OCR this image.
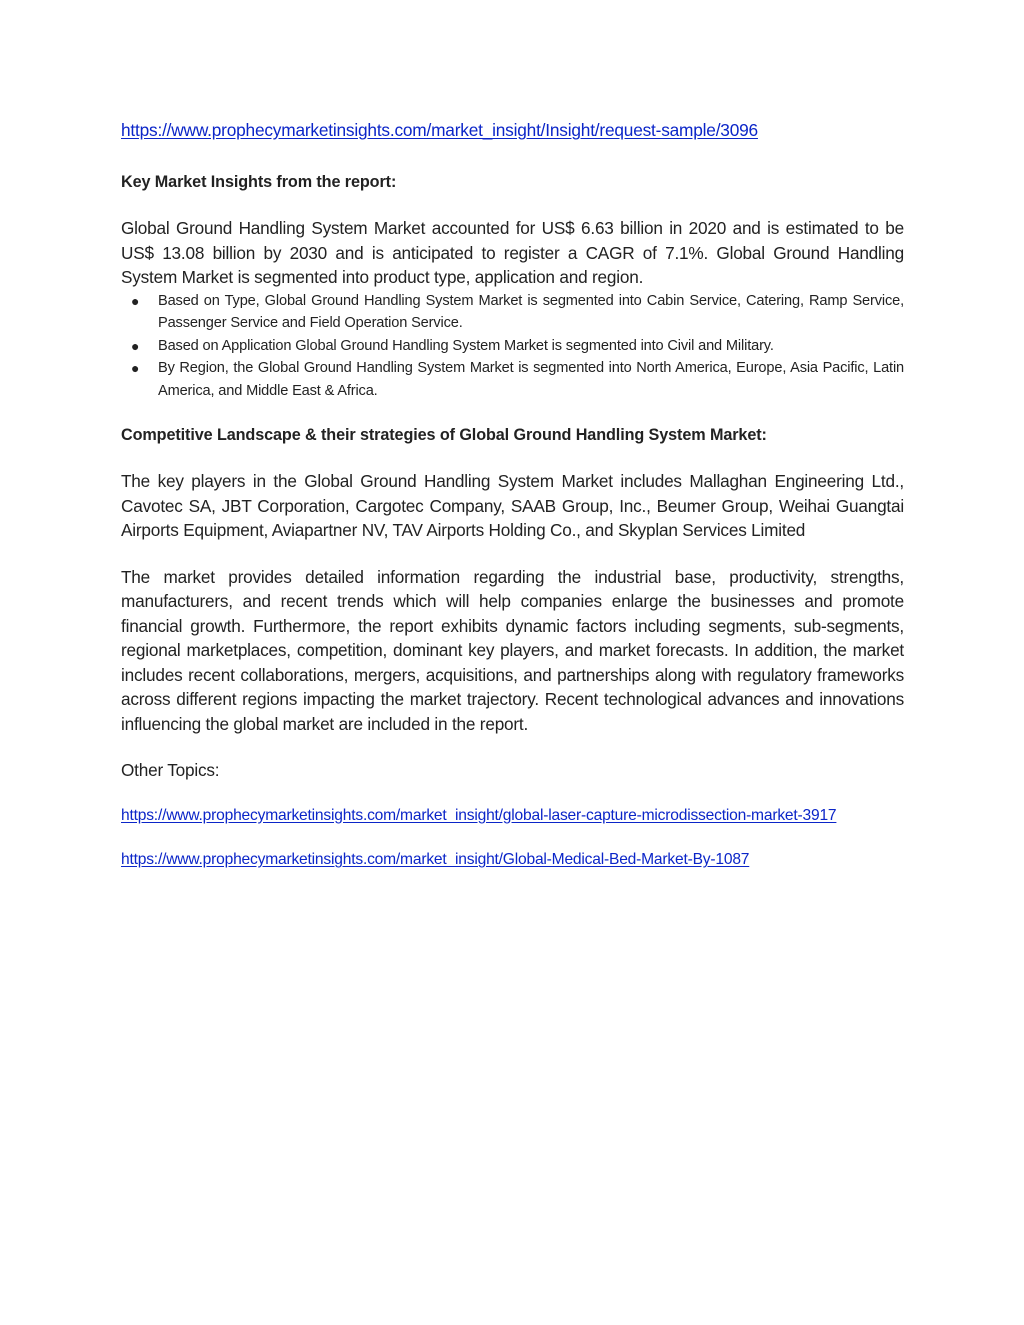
https://www.prophecymarketinsights.com/market_insight/Insight/request-sample/3096

Key Market Insights from the report:

Global Ground Handling System Market accounted for US$ 6.63 billion in 2020 and is estimated to be US$ 13.08 billion by 2030 and is anticipated to register a CAGR of 7.1%. Global Ground Handling System Market is segmented into product type, application and region.

● Based on Type, Global Ground Handling System Market is segmented into Cabin Service, Catering, Ramp Service, Passenger Service and Field Operation Service.
● Based on Application Global Ground Handling System Market is segmented into Civil and Military.
● By Region, the Global Ground Handling System Market is segmented into North America, Europe, Asia Pacific, Latin America, and Middle East & Africa.

Competitive Landscape & their strategies of Global Ground Handling System Market:

The key players in the Global Ground Handling System Market includes Mallaghan Engineering Ltd., Cavotec SA, JBT Corporation, Cargotec Company, SAAB Group, Inc., Beumer Group, Weihai Guangtai Airports Equipment, Aviapartner NV, TAV Airports Holding Co., and Skyplan Services Limited

The market provides detailed information regarding the industrial base, productivity, strengths, manufacturers, and recent trends which will help companies enlarge the businesses and promote financial growth. Furthermore, the report exhibits dynamic factors including segments, sub-segments, regional marketplaces, competition, dominant key players, and market forecasts. In addition, the market includes recent collaborations, mergers, acquisitions, and partnerships along with regulatory frameworks across different regions impacting the market trajectory. Recent technological advances and innovations influencing the global market are included in the report.

Other Topics:

https://www.prophecymarketinsights.com/market_insight/global-laser-capture-microdissection-market-3917
https://www.prophecymarketinsights.com/market_insight/Global-Medical-Bed-Market-By-1087
